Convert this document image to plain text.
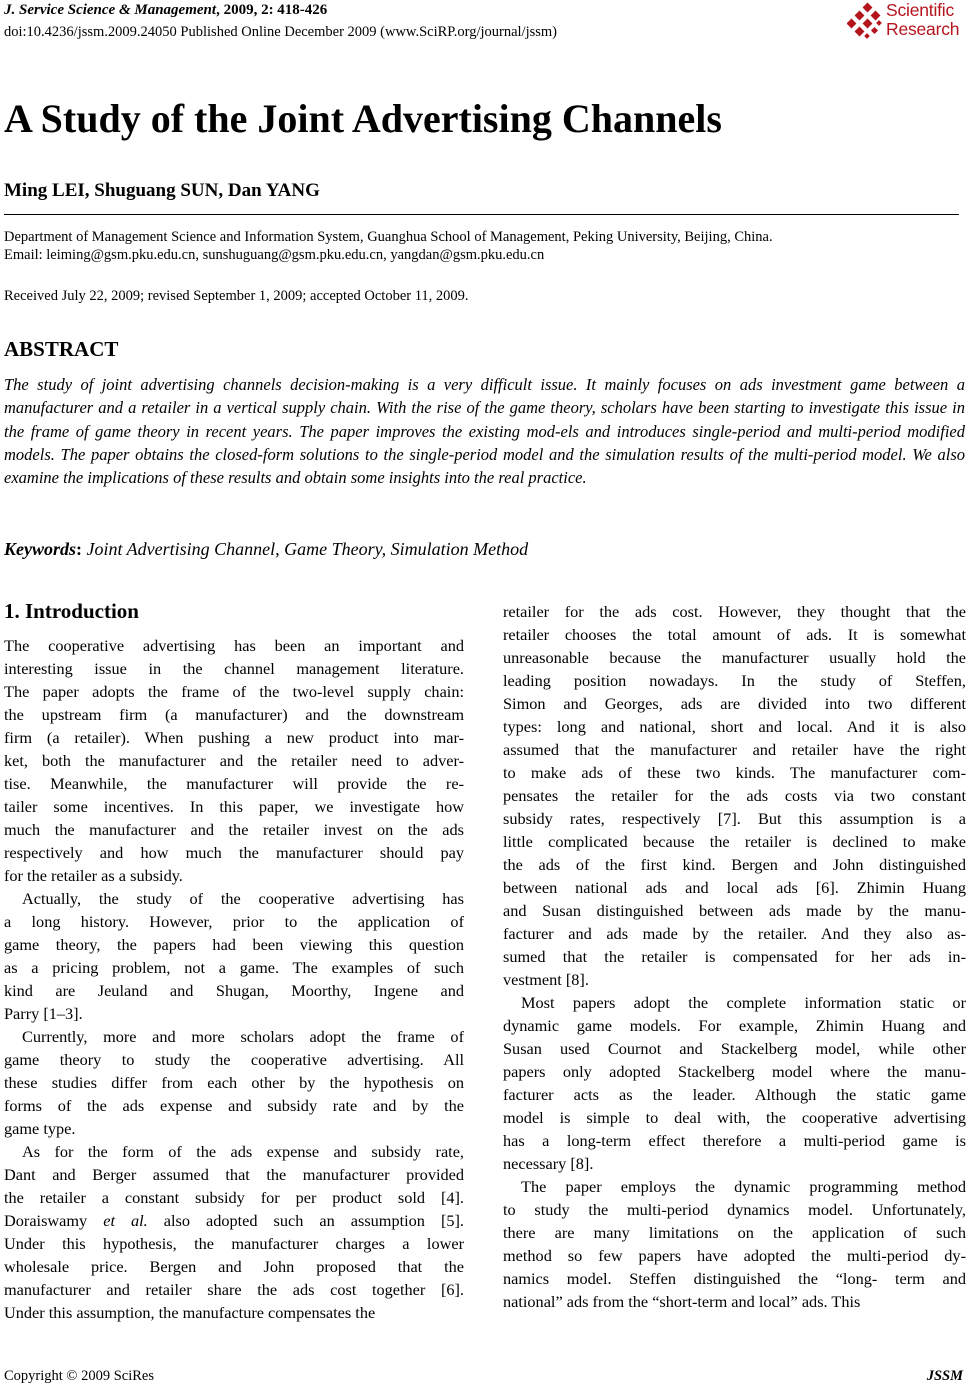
J. Service Science & Management, 2009, 2: 418-426
doi:10.4236/jssm.2009.24050 Published Online December 2009 (www.SciRP.org/journal/jssm)
Scientific
Research
A Study of the Joint Advertising Channels
Ming LEI, Shuguang SUN, Dan YANG
Department of Management Science and Information System, Guanghua School of Management, Peking University, Beijing, China.
Email: leiming@gsm.pku.edu.cn, sunshuguang@gsm.pku.edu.cn, yangdan@gsm.pku.edu.cn
Received July 22, 2009; revised September 1, 2009; accepted October 11, 2009.
ABSTRACT
The study of joint advertising channels decision-making is a very difficult issue. It mainly focuses on ads investment game between a manufacturer and a retailer in a vertical supply chain. With the rise of the game theory, scholars have been starting to investigate this issue in the frame of game theory in recent years. The paper improves the existing mod-els and introduces single-period and multi-period modified models. The paper obtains the closed-form solutions to the single-period model and the simulation results of the multi-period model. We also examine the implications of these results and obtain some insights into the real practice.
Keywords: Joint Advertising Channel, Game Theory, Simulation Method
1. Introduction
The cooperative advertising has been an important and
interesting issue in the channel management literature.
The paper adopts the frame of the two-level supply chain:
the upstream firm (a manufacturer) and the downstream
firm (a retailer). When pushing a new product into mar-
ket, both the manufacturer and the retailer need to adver-
tise. Meanwhile, the manufacturer will provide the re-
tailer some incentives. In this paper, we investigate how
much the manufacturer and the retailer invest on the ads
respectively and how much the manufacturer should pay
for the retailer as a subsidy.
Actually, the study of the cooperative advertising has
a long history. However, prior to the application of
game theory, the papers had been viewing this question
as a pricing problem, not a game. The examples of such
kind are Jeuland and Shugan, Moorthy, Ingene and
Parry [1–3].
Currently, more and more scholars adopt the frame of
game theory to study the cooperative advertising. All
these studies differ from each other by the hypothesis on
forms of the ads expense and subsidy rate and by the
game type.
As for the form of the ads expense and subsidy rate,
Dant and Berger assumed that the manufacturer provided
the retailer a constant subsidy for per product sold [4].
Doraiswamy et al. also adopted such an assumption [5].
Under this hypothesis, the manufacturer charges a lower
wholesale price. Bergen and John proposed that the
manufacturer and retailer share the ads cost together [6].
Under this assumption, the manufacture compensates the
retailer for the ads cost. However, they thought that the
retailer chooses the total amount of ads. It is somewhat
unreasonable because the manufacturer usually hold the
leading position nowadays. In the study of Steffen,
Simon and Georges, ads are divided into two different
types: long and national, short and local. And it is also
assumed that the manufacturer and retailer have the right
to make ads of these two kinds. The manufacturer com-
pensates the retailer for the ads costs via two constant
subsidy rates, respectively [7]. But this assumption is a
little complicated because the retailer is declined to make
the ads of the first kind. Bergen and John distinguished
between national ads and local ads [6]. Zhimin Huang
and Susan distinguished between ads made by the manu-
facturer and ads made by the retailer. And they also as-
sumed that the retailer is compensated for her ads in-
vestment [8].
Most papers adopt the complete information static or
dynamic game models. For example, Zhimin Huang and
Susan used Cournot and Stackelberg model, while other
papers only adopted Stackelberg model where the manu-
facturer acts as the leader. Although the static game
model is simple to deal with, the cooperative advertising
has a long-term effect therefore a multi-period game is
necessary [8].
The paper employs the dynamic programming method
to study the multi-period dynamics model. Unfortunately,
there are many limitations on the application of such
method so few papers have adopted the multi-period dy-
namics model. Steffen distinguished the “long- term and
national” ads from the “short-term and local” ads. This
Copyright © 2009 SciRes	JSSM
